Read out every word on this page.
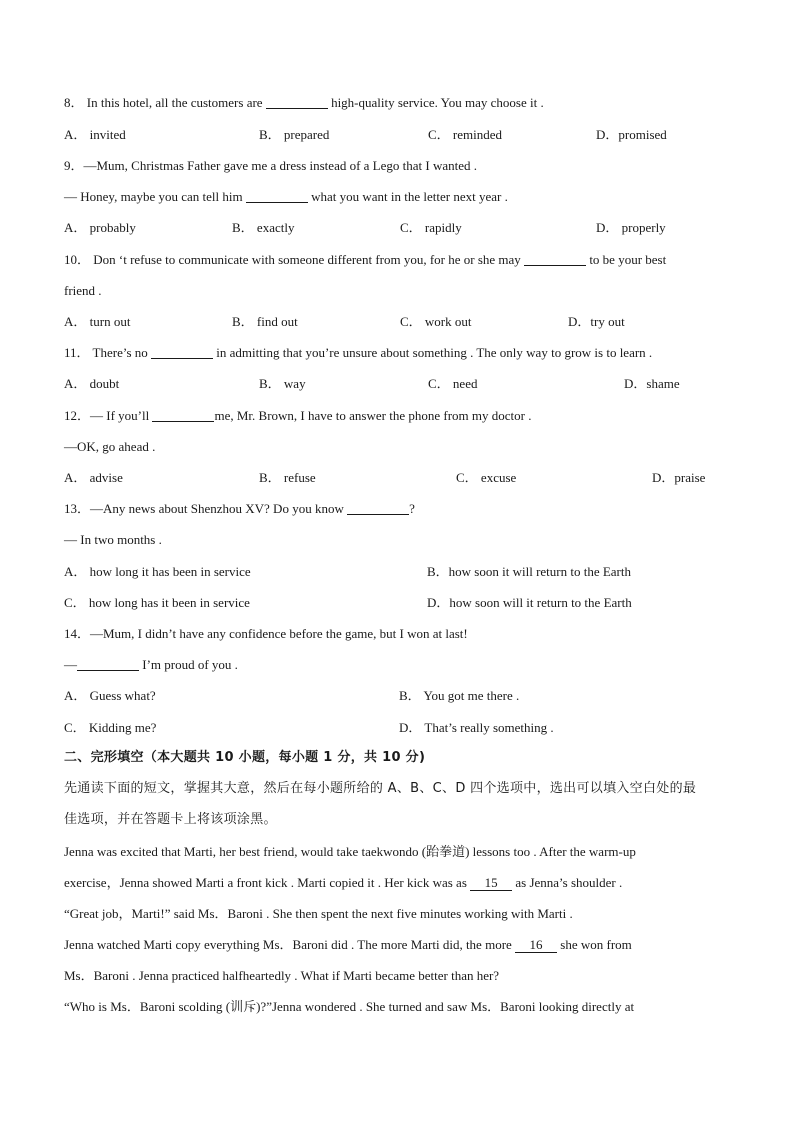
8． In this hotel, all the customers are	high-quality service. You may choose it .
A． invited	B． prepared	C． reminded	D．promised
9．—Mum, Christmas Father gave me a dress instead of a Lego that I wanted .
— Honey, maybe you can tell him	what you want in the letter next year .
A． probably	B． exactly	C． rapidly	D． properly
10． Don ‘t refuse to communicate with someone different from you, for he or she may	to be your best
friend .
A． turn out	B． find out	C． work out	D．try out
11． There’s no	in admitting that you’re unsure about something . The only way to grow is to learn .
A． doubt	B． way	C． need	D．shame
12．— If you’ll	me, Mr. Brown, I have to answer the phone from my doctor .
—OK, go ahead .
A． advise	B． refuse	C． excuse	D．praise
13．—Any news about Shenzhou XV? Do you know	?
— In two months .
A． how long it has been in service	B．how soon it will return to the Earth
C． how long has it been in service	D．how soon will it return to the Earth
14．—Mum, I didn’t have any confidence before the game, but I won at last!
—	I’m proud of you .
A． Guess what?	B． You got me there .
C． Kidding me?	D． That’s really something .
二、完形填空（本大题共 10 小题，每小题 1 分，共 10 分)
先通读下面的短文，掌握其大意，然后在每小题所给的 A、B、C、D 四个选项中，选出可以填入空白处的最
佳选项，并在答题卡上将该项涂黑。
Jenna was excited that Marti, her best friend, would take taekwondo (跆拳道) lessons too . After the warm-up
exercise，Jenna showed Marti a front kick . Marti copied it . Her kick was as 15 as Jenna’s shoulder .
“Great job，Marti!” said Ms．Baroni . She then spent the next five minutes working with Marti .
Jenna watched Marti copy everything Ms．Baroni did . The more Marti did, the more 16 she won from
Ms．Baroni . Jenna practiced halfheartedly . What if Marti became better than her?
“Who is Ms．Baroni scolding (训斥)?”Jenna wondered . She turned and saw Ms．Baroni looking directly at
